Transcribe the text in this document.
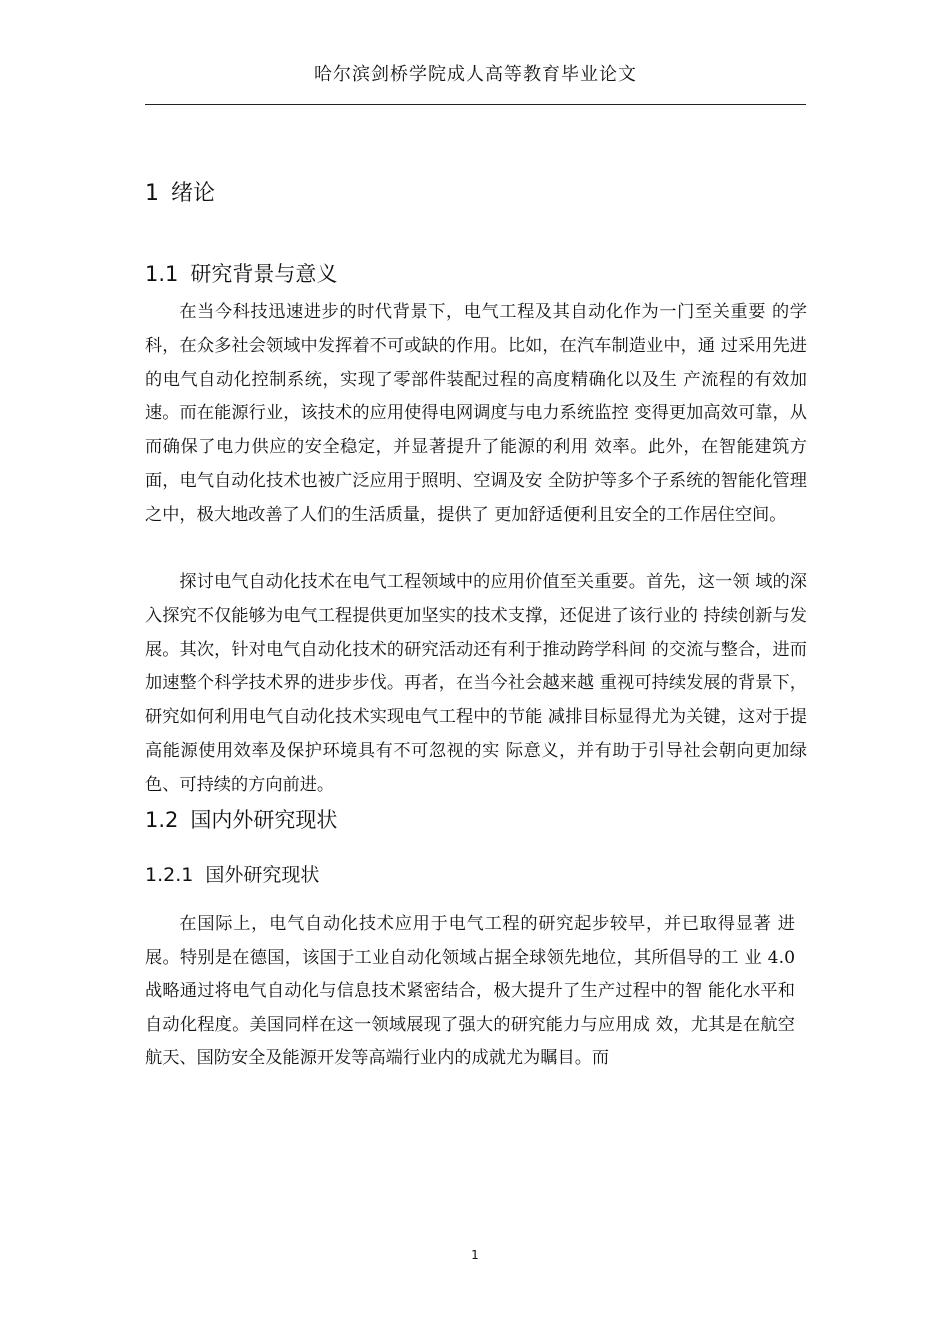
哈尔滨剑桥学院成人高等教育毕业论文
1 绪论
1.1 研究背景与意义

在当今科技迅速进步的时代背景下，电气工程及其自动化作为一门至关重要 的学科，在众多社会领域中发挥着不可或缺的作用。比如，在汽车制造业中，通 过采用先进的电气自动化控制系统，实现了零部件装配过程的高度精确化以及生 产流程的有效加速。而在能源行业，该技术的应用使得电网调度与电力系统监控 变得更加高效可靠，从而确保了电力供应的安全稳定，并显著提升了能源的利用 效率。此外，在智能建筑方面，电气自动化技术也被广泛应用于照明、空调及安 全防护等多个子系统的智能化管理之中，极大地改善了人们的生活质量，提供了 更加舒适便利且安全的工作居住空间。

探讨电气自动化技术在电气工程领域中的应用价值至关重要。首先，这一领 域的深入探究不仅能够为电气工程提供更加坚实的技术支撑，还促进了该行业的 持续创新与发展。其次，针对电气自动化技术的研究活动还有利于推动跨学科间 的交流与整合，进而加速整个科学技术界的进步步伐。再者，在当今社会越来越 重视可持续发展的背景下，研究如何利用电气自动化技术实现电气工程中的节能 减排目标显得尤为关键，这对于提高能源使用效率及保护环境具有不可忽视的实 际意义，并有助于引导社会朝向更加绿色、可持续的方向前进。

1.2 国内外研究现状
1.2.1 国外研究现状

在国际上，电气自动化技术应用于电气工程的研究起步较早，并已取得显著 进展。特别是在德国，该国于工业自动化领域占据全球领先地位，其所倡导的工 业 4.0 战略通过将电气自动化与信息技术紧密结合，极大提升了生产过程中的智 能化水平和自动化程度。美国同样在这一领域展现了强大的研究能力与应用成 效，尤其是在航空航天、国防安全及能源开发等高端行业内的成就尤为瞩目。而

1
